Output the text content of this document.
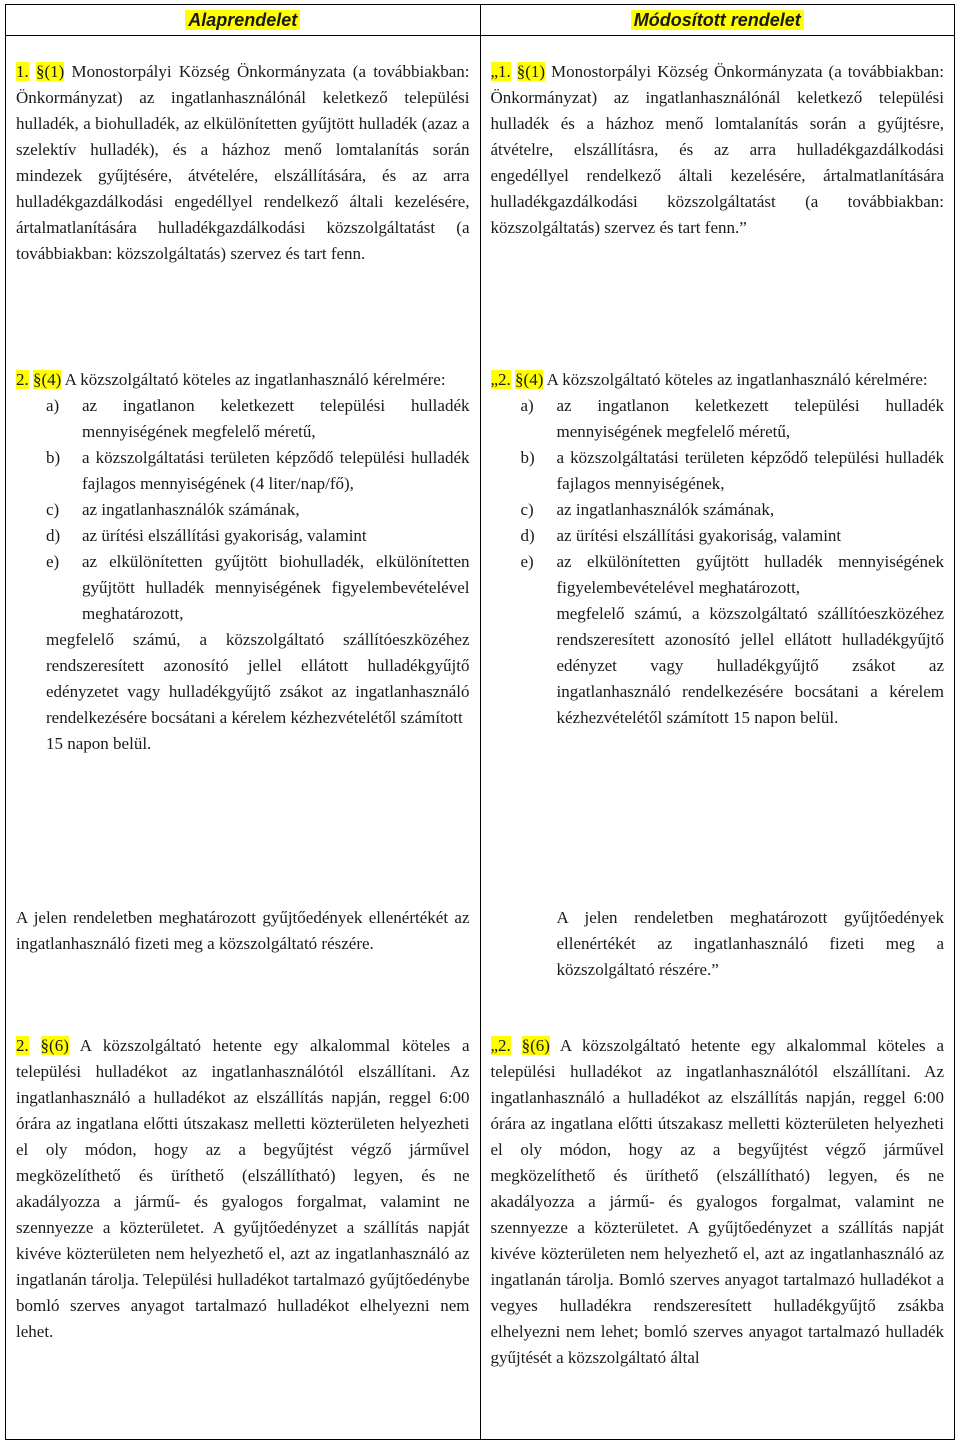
Alaprendelet

1. §(1) Monostorpályi Község Önkormányzata (a továbbiakban: Önkormányzat) az ingatlanhasználónál keletkező települési hulladék, a biohulladék, az elkülönítetten gyűjtött hulladék (azaz a szelektív hulladék), és a házhoz menő lomtalanítás során mindezek gyűjtésére, átvételére, elszállítására, és az arra hulladékgazdálkodási engedéllyel rendelkező általi kezelésére, ártalmatlanítására hulladékgazdálkodási közszolgáltatást (a továbbiakban: közszolgáltatás) szervez és tart fenn.

2. §(4) A közszolgáltató köteles az ingatlanhasználó kérelmére:

a) az ingatlanon keletkezett települési hulladék mennyiségének megfelelő méretű,
b) a közszolgáltatási területen képződő települési hulladék fajlagos mennyiségének (4 liter/nap/fő),
c) az ingatlanhasználók számának,
d) az ürítési elszállítási gyakoriság, valamint
e) az elkülönítetten gyűjtött biohulladék, elkülönítetten gyűjtött hulladék mennyiségének figyelembevételével meghatározott,
megfelelő számú, a közszolgáltató szállítóeszközéhez rendszeresített azonosító jellel ellátott hulladékgyűjtő edényzetet vagy hulladékgyűjtő zsákot az ingatlanhasználó rendelkezésére bocsátani a kérelem kézhezvételétől számított
15 napon belül.

A jelen rendeletben meghatározott gyűjtőedények ellenértékét az ingatlanhasználó fizeti meg a közszolgáltató részére.

2. §(6) A közszolgáltató hetente egy alkalommal köteles a települési hulladékot az ingatlanhasználótól elszállítani. Az ingatlanhasználó a hulladékot az elszállítás napján, reggel 6:00 órára az ingatlana előtti útszakasz melletti közterületen helyezheti el oly módon, hogy az a begyűjtést végző járművel megközelíthető és üríthető (elszállítható) legyen, és ne akadályozza a jármű- és gyalogos forgalmat, valamint ne szennyezze a közterületet. A gyűjtőedényzet a szállítás napját kivéve közterületen nem helyezhető el, azt az ingatlanhasználó az ingatlanán tárolja. Települési hulladékot tartalmazó gyűjtőedénybe bomló szerves anyagot tartalmazó hulladékot elhelyezni nem lehet.

Módosított rendelet

„1. §(1) Monostorpályi Község Önkormányzata (a továbbiakban: Önkormányzat) az ingatlanhasználónál keletkező települési hulladék és a házhoz menő lomtalanítás során a gyűjtésre, átvételre, elszállításra, és az arra hulladékgazdálkodási engedéllyel rendelkező általi kezelésére, ártalmatlanítására hulladékgazdálkodási közszolgáltatást (a továbbiakban: közszolgáltatás) szervez és tart fenn.”

„2. §(4) A közszolgáltató köteles az ingatlanhasználó kérelmére:

a) az ingatlanon keletkezett települési hulladék mennyiségének megfelelő méretű,
b) a közszolgáltatási területen képződő települési hulladék fajlagos mennyiségének,
c) az ingatlanhasználók számának,
d) az ürítési elszállítási gyakoriság, valamint
e) az elkülönítetten gyűjtött hulladék mennyiségének figyelembevételével meghatározott,
megfelelő számú, a közszolgáltató szállítóeszközéhez rendszeresített azonosító jellel ellátott hulladékgyűjtő edényzet vagy hulladékgyűjtő zsákot az ingatlanhasználó rendelkezésére bocsátani a kérelem kézhezvételétől számított 15 napon belül.
A jelen rendeletben meghatározott gyűjtőedények ellenértékét az ingatlanhasználó fizeti meg a közszolgáltató részére.”

„2. §(6) A közszolgáltató hetente egy alkalommal köteles a települési hulladékot az ingatlanhasználótól elszállítani. Az ingatlanhasználó a hulladékot az elszállítás napján, reggel 6:00 órára az ingatlana előtti útszakasz melletti közterületen helyezheti el oly módon, hogy az a begyűjtést végző járművel megközelíthető és üríthető (elszállítható) legyen, és ne akadályozza a jármű- és gyalogos forgalmat, valamint ne szennyezze a közterületet. A gyűjtőedényzet a szállítás napját kivéve közterületen nem helyezhető el, azt az ingatlanhasználó az ingatlanán tárolja. Bomló szerves anyagot tartalmazó hulladékot a vegyes hulladékra rendszeresített hulladékgyűjtő zsákba elhelyezni nem lehet; bomló szerves anyagot tartalmazó hulladék gyűjtését a közszolgáltató által
